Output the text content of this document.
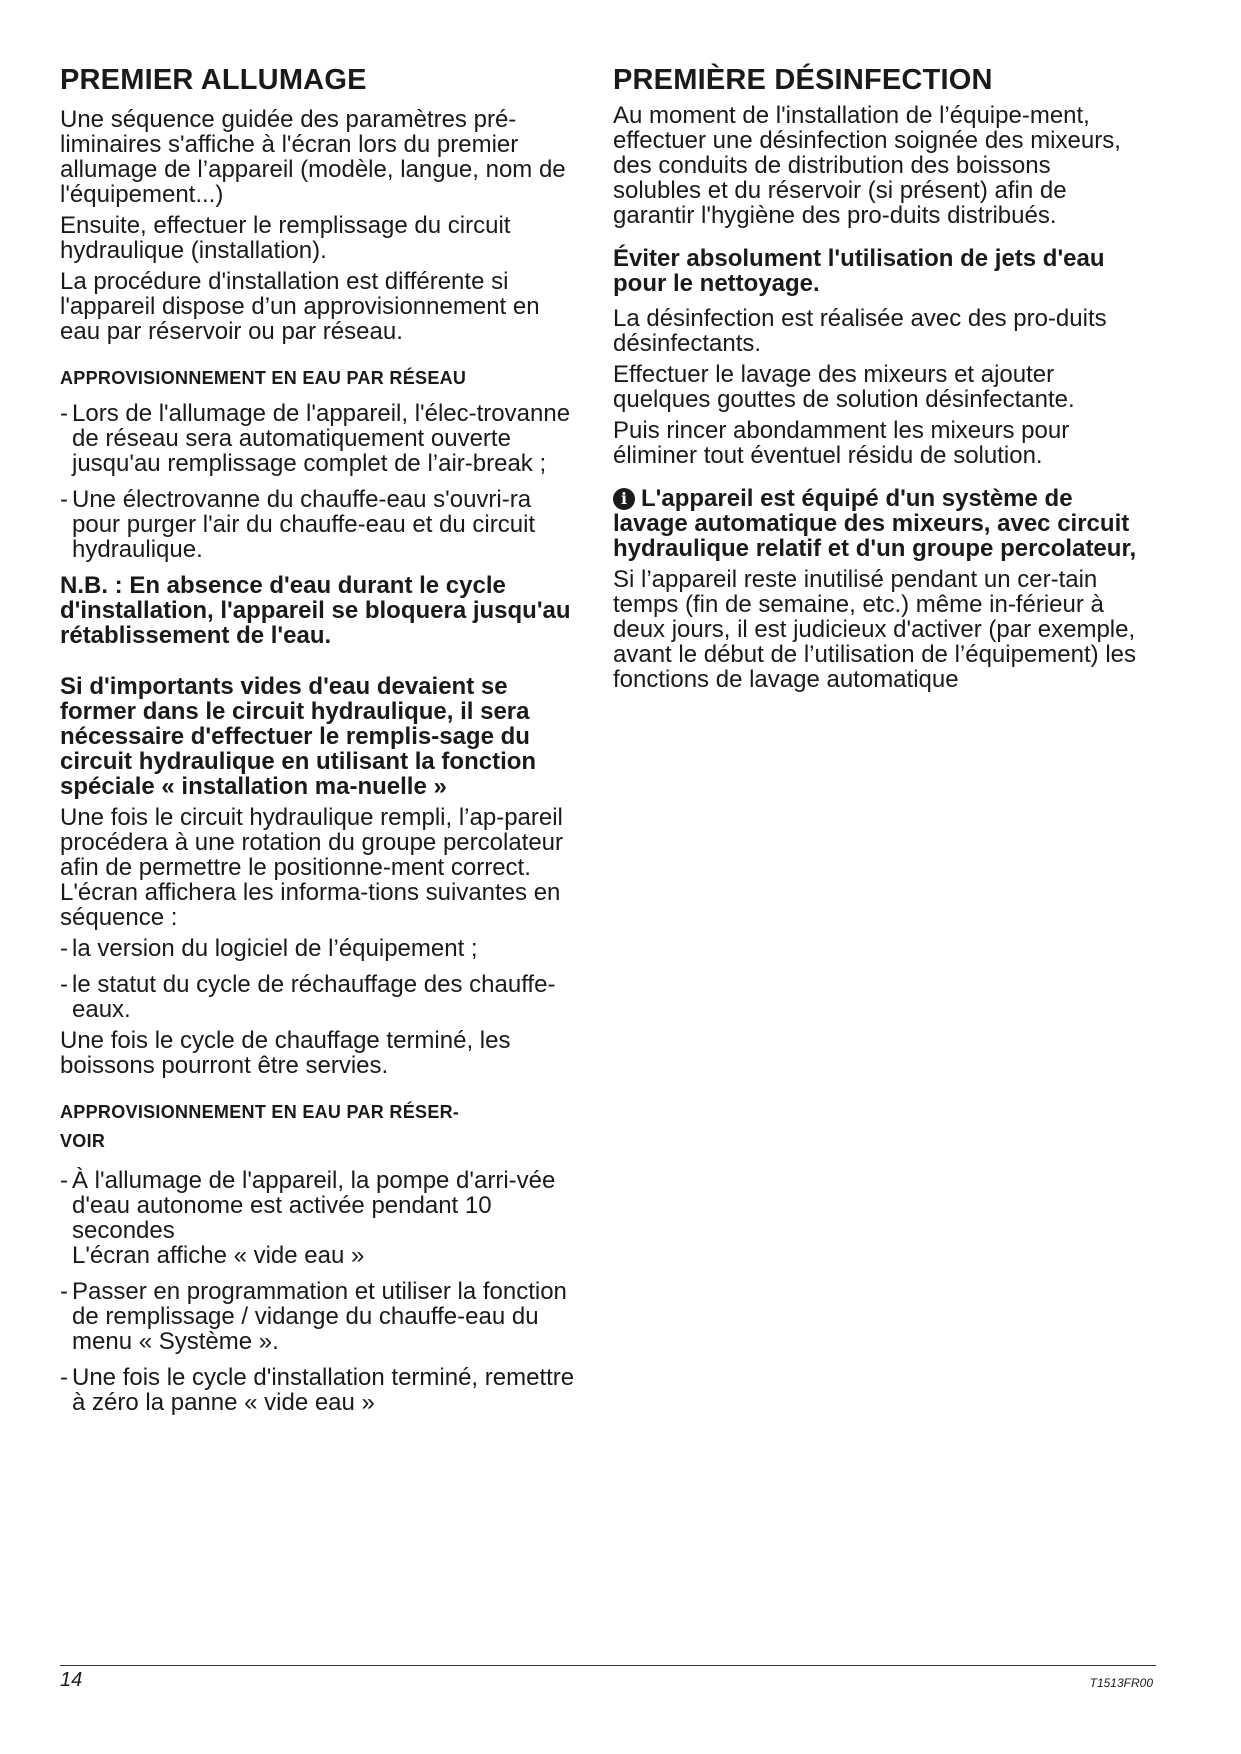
PREMIER ALLUMAGE

Une séquence guidée des paramètres pré-liminaires s'affiche à l'écran lors du premier allumage de l’appareil (modèle, langue, nom de l'équipement...)

Ensuite, effectuer le remplissage du circuit hydraulique (installation).

La procédure d'installation est différente si l'appareil dispose d’un approvisionnement en eau par réservoir ou par réseau.

APPROVISIONNEMENT EN EAU PAR RÉSEAU
- Lors de l'allumage de l'appareil, l'élec-trovanne de réseau sera automatiquement ouverte jusqu'au remplissage complet de l’air-break ;
- Une électrovanne du chauffe-eau s'ouvri-ra pour purger l'air du chauffe-eau et du circuit hydraulique.

N.B. : En absence d'eau durant le cycle d'installation, l'appareil se bloquera jusqu'au rétablissement de l'eau.

Si d'importants vides d'eau devaient se former dans le circuit hydraulique, il sera nécessaire d'effectuer le remplis-sage du circuit hydraulique en utilisant la fonction spéciale « installation ma-nuelle »

Une fois le circuit hydraulique rempli, l’ap-pareil procédera à une rotation du groupe percolateur afin de permettre le positionne-ment correct. L'écran affichera les informa-tions suivantes en séquence :

- la version du logiciel de l’équipement ;
- le statut du cycle de réchauffage des chauffe-eaux.

Une fois le cycle de chauffage terminé, les boissons pourront être servies.

APPROVISIONNEMENT EN EAU PAR RÉSER-
VOIR
- À l'allumage de l'appareil, la pompe d'arri-vée d'eau autonome est activée pendant 10 secondes
L'écran affiche « vide eau »
- Passer en programmation et utiliser la fonction de remplissage / vidange du chauffe-eau du menu « Système ».
- Une fois le cycle d'installation terminé, remettre à zéro la panne « vide eau »
PREMIÈRE DÉSINFECTION

Au moment de l'installation de l’équipe-ment, effectuer une désinfection soignée des mixeurs, des conduits de distribution des boissons solubles et du réservoir (si présent) afin de garantir l'hygiène des pro-duits distribués.

Éviter absolument l'utilisation de jets d'eau pour le nettoyage.

La désinfection est réalisée avec des pro-duits désinfectants.

Effectuer le lavage des mixeurs et ajouter quelques gouttes de solution désinfectante.

Puis rincer abondamment les mixeurs pour éliminer tout éventuel résidu de solution.

i L'appareil est équipé d'un système de lavage automatique des mixeurs, avec circuit hydraulique relatif et d'un groupe percolateur,

Si l’appareil reste inutilisé pendant un cer-tain temps (fin de semaine, etc.) même in-férieur à deux jours, il est judicieux d'activer (par exemple, avant le début de l’utilisation de l’équipement) les fonctions de lavage automatique

14	T1513FR00
